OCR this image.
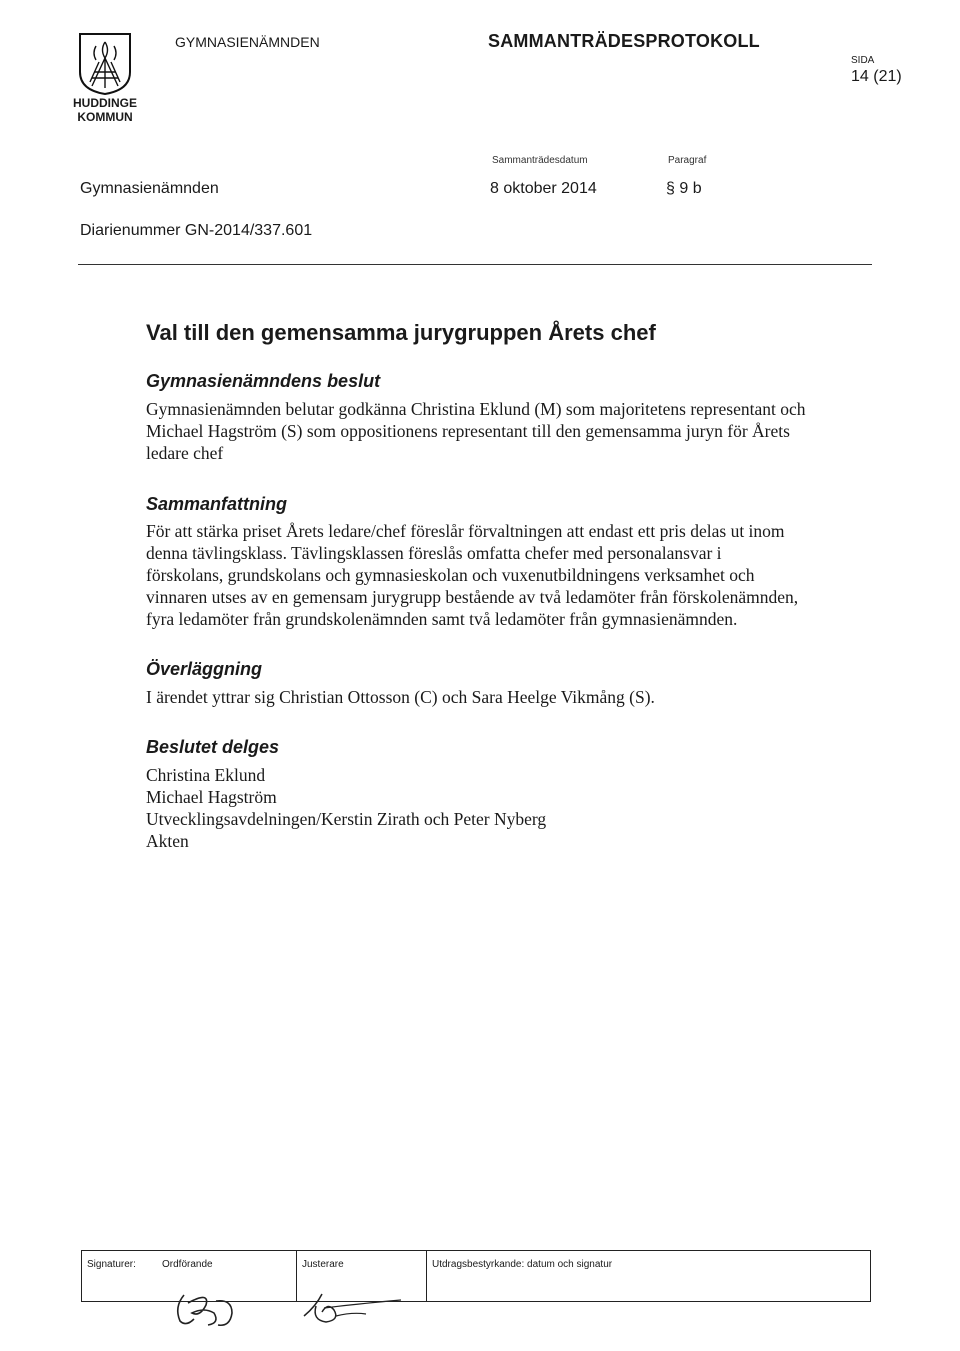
HUDDINGE
KOMMUN
GYMNASIENÄMNDEN	SAMMANTRÄDESPROTOKOLL
SIDA
14 (21)
Sammanträdesdatum	Paragraf
Gymnasienämnden	8 oktober 2014	§ 9 b
Diarienummer GN-2014/337.601
Val till den gemensamma jurygruppen Årets chef
Gymnasienämndens beslut

Gymnasienämnden belutar godkänna Christina Eklund (M) som majoritetens representant och Michael Hagström (S) som oppositionens representant till den gemensamma juryn för Årets ledare chef

Sammanfattning

För att stärka priset Årets ledare/chef föreslår förvaltningen att endast ett pris delas ut inom denna tävlingsklass. Tävlingsklassen föreslås omfatta chefer med personalansvar i förskolans, grundskolans och gymnasieskolan och vuxenutbildningens verksamhet och vinnaren utses av en gemensam jurygrupp bestående av två ledamöter från förskolenämnden, fyra ledamöter från grundskolenämnden samt två ledamöter från gymnasienämnden.

Överläggning

I ärendet yttrar sig Christian Ottosson (C) och Sara Heelge Vikmång (S).

Beslutet delges

Christina Eklund

Michael Hagström

Utvecklingsavdelningen/Kerstin Zirath och Peter Nyberg

Akten

Signaturer:	Ordförande	Justerare	Utdragsbestyrkande: datum och signatur
